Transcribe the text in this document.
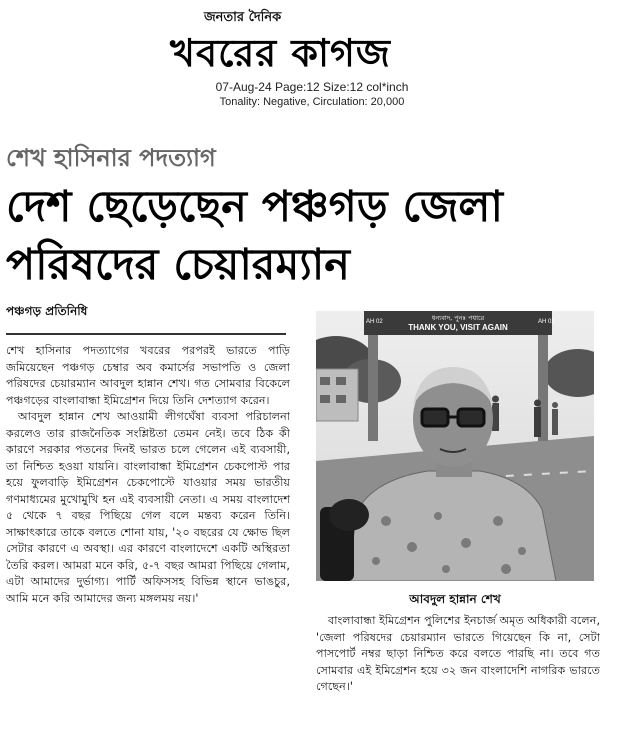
জনতার দৈনিক
খবরের কাগজ
07-Aug-24 Page:12 Size:12 col*inch
Tonality: Negative, Circulation: 20,000
শেখ হাসিনার পদত্যাগ
দেশ ছেড়েছেন পঞ্চগড় জেলা
পরিষদের চেয়ারম্যান
পঞ্চগড় প্রতিনিধি

শেখ হাসিনার পদত্যাগের খবরের পরপরই ভারতে পাড়ি জমিয়েছেন পঞ্চগড় চেম্বার অব কমার্সের সভাপতি ও জেলা পরিষদের চেয়ারম্যান আবদুল হান্নান শেখ। গত সোমবার বিকেলে পঞ্চগড়ের বাংলাবান্ধা ইমিগ্রেশন দিয়ে তিনি দেশত্যাগ করেন।

আবদুল হান্নান শেখ আওয়ামী লীগঘেঁষা ব্যবসা পরিচালনা করলেও তার রাজনৈতিক সংশ্লিষ্টতা তেমন নেই। তবে ঠিক কী কারণে সরকার পতনের দিনই ভারত চলে গেলেন এই ব্যবসায়ী, তা নিশ্চিত হওয়া যায়নি। বাংলাবান্ধা ইমিগ্রেশন চেকপোস্ট পার হয়ে ফুলবাড়ি ইমিগ্রেশন চেকপোস্টে যাওয়ার সময় ভারতীয় গণমাধ্যমের মুখোমুখি হন এই ব্যবসায়ী নেতা। এ সময় বাংলাদেশ ৫ থেকে ৭ বছর পিছিয়ে গেল বলে মন্তব্য করেন তিনি। সাক্ষাৎকারে তাকে বলতে শোনা যায়, '২০ বছরের যে ক্ষোভ ছিল সেটার কারণে এ অবস্থা। এর কারণে বাংলাদেশে একটি অস্থিরতা তৈরি করল। আমরা মনে করি, ৫-৭ বছর আমরা পিছিয়ে গেলাম, এটা আমাদের দুর্ভাগ্য। পার্টি অফিসসহ বিভিন্ন স্থানে ভাঙচুর, আমি মনে করি আমাদের জন্য মঙ্গলময় নয়।'

ধন্যবাদ, পুনঃ পধারে
THANK YOU, VISIT AGAIN
AH 02	AH 02
আবদুল হান্নান শেখ

বাংলাবান্ধা ইমিগ্রেশন পুলিশের ইনচার্জ অমৃত অধিকারী বলেন, 'জেলা পরিষদের চেয়ারম্যান ভারতে গিয়েছেন কি না, সেটা পাসপোর্ট নম্বর ছাড়া নিশ্চিত করে বলতে পারছি না। তবে গত সোমবার এই ইমিগ্রেশন হয়ে ৩২ জন বাংলাদেশি নাগরিক ভারতে গেছেন।'
